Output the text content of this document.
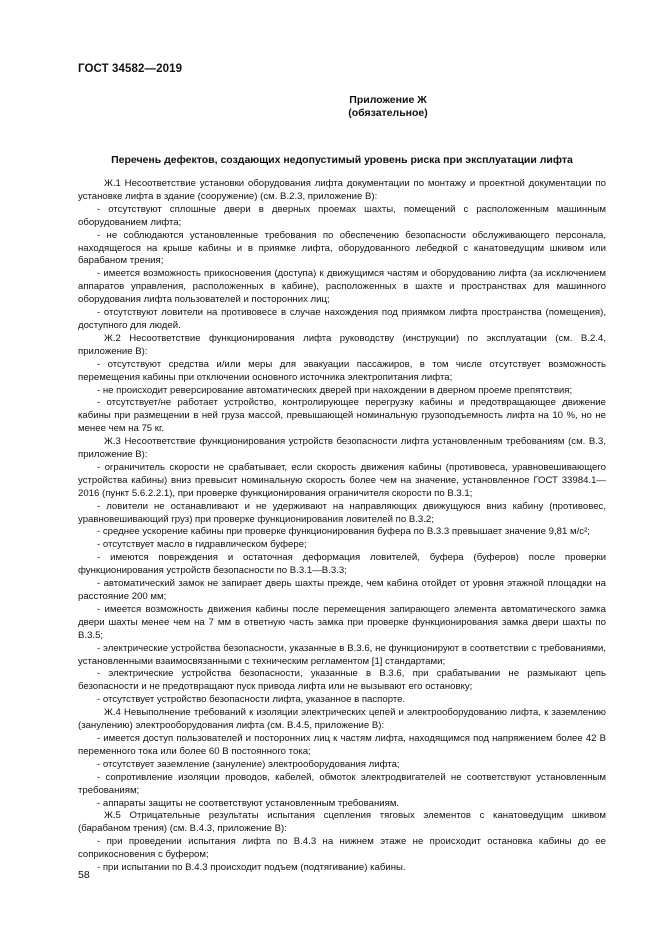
ГОСТ 34582—2019
Приложение Ж
(обязательное)
Перечень дефектов, создающих недопустимый уровень риска при эксплуатации лифта

Ж.1 Несоответствие установки оборудования лифта документации по монтажу и проектной документации по установке лифта в здание (сооружение) (см. В.2.3, приложение В):

- отсутствуют сплошные двери в дверных проемах шахты, помещений с расположенным машинным оборудованием лифта;

- не соблюдаются установленные требования по обеспечению безопасности обслуживающего персонала, находящегося на крыше кабины и в приямке лифта, оборудованного лебедкой с канатоведущим шкивом или барабаном трения;

- имеется возможность прикосновения (доступа) к движущимся частям и оборудованию лифта (за исключением аппаратов управления, расположенных в кабине), расположенных в шахте и пространствах для машинного оборудования лифта пользователей и посторонних лиц;

- отсутствуют ловители на противовесе в случае нахождения под приямком лифта пространства (помещения), доступного для людей.

Ж.2 Несоответствие функционирования лифта руководству (инструкции) по эксплуатации (см. В.2.4, приложение В):

- отсутствуют средства и/или меры для эвакуации пассажиров, в том числе отсутствует возможность перемещения кабины при отключении основного источника электропитания лифта;

- не происходит реверсирование автоматических дверей при нахождении в дверном проеме препятствия;

- отсутствует/не работает устройство, контролирующее перегрузку кабины и предотвращающее движение кабины при размещении в ней груза массой, превышающей номинальную грузоподъемность лифта на 10 %, но не менее чем на 75 кг.

Ж.3 Несоответствие функционирования устройств безопасности лифта установленным требованиям (см. В.3, приложение В):

- ограничитель скорости не срабатывает, если скорость движения кабины (противовеса, уравновешивающего устройства кабины) вниз превысит номинальную скорость более чем на значение, установленное ГОСТ 33984.1—2016 (пункт 5.6.2.2.1), при проверке функционирования ограничителя скорости по В.3.1;

- ловители не останавливают и не удерживают на направляющих движущуюся вниз кабину (противовес, уравновешивающий груз) при проверке функционирования ловителей по В.3.2;

- среднее ускорение кабины при проверке функционирования буфера по В.3.3 превышает значение 9,81 м/с²;

- отсутствует масло в гидравлическом буфере;

- имеются повреждения и остаточная деформация ловителей, буфера (буферов) после проверки функционирования устройств безопасности по В.3.1—В.3.3;

- автоматический замок не запирает дверь шахты прежде, чем кабина отойдет от уровня этажной площадки на расстояние 200 мм;

- имеется возможность движения кабины после перемещения запирающего элемента автоматического замка двери шахты менее чем на 7 мм в ответную часть замка при проверке функционирования замка двери шахты по В.3.5;

- электрические устройства безопасности, указанные в В.3.6, не функционируют в соответствии с требованиями, установленными взаимосвязанными с техническим регламентом [1] стандартами;

- электрические устройства безопасности, указанные в В.3.6, при срабатывании не размыкают цепь безопасности и не предотвращают пуск привода лифта или не вызывают его остановку;

- отсутствует устройство безопасности лифта, указанное в паспорте.

Ж.4 Невыполнение требований к изоляции электрических цепей и электрооборудованию лифта, к заземлению (занулению) электрооборудования лифта (см. В.4.5, приложение В):

- имеется доступ пользователей и посторонних лиц к частям лифта, находящимся под напряжением более 42 В переменного тока или более 60 В постоянного тока;

- отсутствует заземление (зануление) электрооборудования лифта;

- сопротивление изоляции проводов, кабелей, обмоток электродвигателей не соответствуют установленным требованиям;

- аппараты защиты не соответствуют установленным требованиям.

Ж.5 Отрицательные результаты испытания сцепления тяговых элементов с канатоведущим шкивом (барабаном трения) (см. В.4.3, приложение В):

- при проведении испытания лифта по В.4.3 на нижнем этаже не происходит остановка кабины до ее соприкосновения с буфером;

- при испытании по В.4.3 происходит подъем (подтягивание) кабины.

58
